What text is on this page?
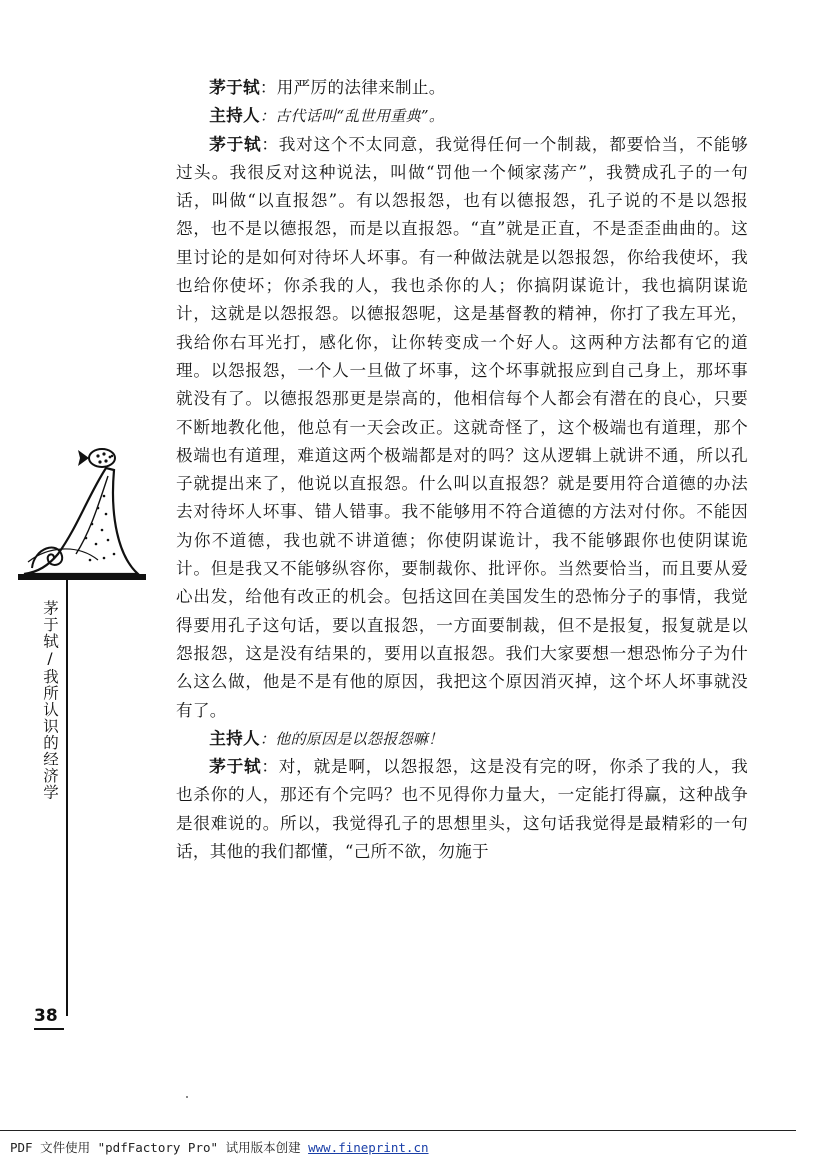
茅于轼/我所认识的经济学
38

茅于轼：用严厉的法律来制止。

主持人：古代话叫“乱世用重典”。

茅于轼：我对这个不太同意，我觉得任何一个制裁，都要恰当，不能够过头。我很反对这种说法，叫做“罚他一个倾家荡产”，我赞成孔子的一句话，叫做“以直报怨”。有以怨报怨，也有以德报怨，孔子说的不是以怨报怨，也不是以德报怨，而是以直报怨。“直”就是正直，不是歪歪曲曲的。这里讨论的是如何对待坏人坏事。有一种做法就是以怨报怨，你给我使坏，我也给你使坏；你杀我的人，我也杀你的人；你搞阴谋诡计，我也搞阴谋诡计，这就是以怨报怨。以德报怨呢，这是基督教的精神，你打了我左耳光，我给你右耳光打，感化你，让你转变成一个好人。这两种方法都有它的道理。以怨报怨，一个人一旦做了坏事，这个坏事就报应到自己身上，那坏事就没有了。以德报怨那更是崇高的，他相信每个人都会有潜在的良心，只要不断地教化他，他总有一天会改正。这就奇怪了，这个极端也有道理，那个极端也有道理，难道这两个极端都是对的吗？这从逻辑上就讲不通，所以孔子就提出来了，他说以直报怨。什么叫以直报怨？就是要用符合道德的办法去对待坏人坏事、错人错事。我不能够用不符合道德的方法对付你。不能因为你不道德，我也就不讲道德；你使阴谋诡计，我不能够跟你也使阴谋诡计。但是我又不能够纵容你，要制裁你、批评你。当然要恰当，而且要从爱心出发，给他有改正的机会。包括这回在美国发生的恐怖分子的事情，我觉得要用孔子这句话，要以直报怨，一方面要制裁，但不是报复，报复就是以怨报怨，这是没有结果的，要用以直报怨。我们大家要想一想恐怖分子为什么这么做，他是不是有他的原因，我把这个原因消灭掉，这个坏人坏事就没有了。

主持人：他的原因是以怨报怨嘛！

茅于轼：对，就是啊，以怨报怨，这是没有完的呀，你杀了我的人，我也杀你的人，那还有个完吗？也不见得你力量大，一定能打得赢，这种战争是很难说的。所以，我觉得孔子的思想里头，这句话我觉得是最精彩的一句话，其他的我们都懂，“己所不欲，勿施于

PDF 文件使用 "pdfFactory Pro" 试用版本创建 www.fineprint.cn
